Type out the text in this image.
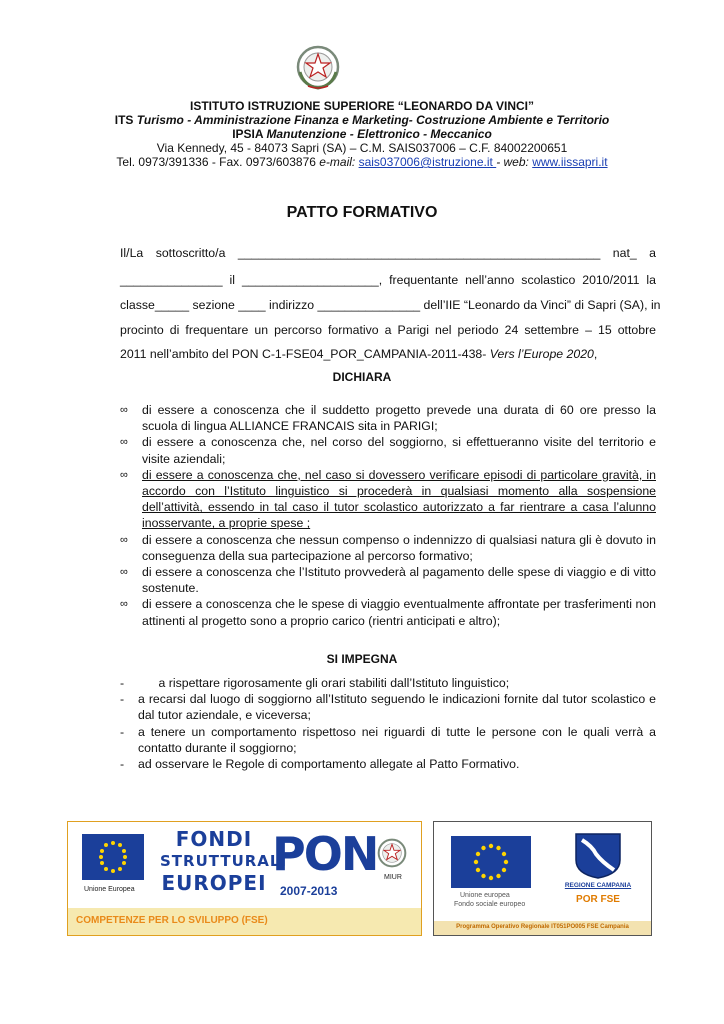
ISTITUTO ISTRUZIONE SUPERIORE “LEONARDO DA VINCI”
ITS Turismo - Amministrazione Finanza e Marketing- Costruzione Ambiente e Territorio
IPSIA Manutenzione - Elettronico - Meccanico
Via Kennedy, 45 - 84073 Sapri (SA) – C.M. SAIS037006 – C.F. 84002200651
Tel. 0973/391336 - Fax. 0973/603876 e-mail: sais037006@istruzione.it - web: www.iissapri.it
PATTO FORMATIVO
Il/La sottoscritto/a _____________________________________________________ nat_ a
_______________ il ____________________, frequentante nell’anno scolastico 2010/2011 la
classe_____ sezione ____ indirizzo _______________ dell’IIE “Leonardo da Vinci” di Sapri (SA), in
procinto di frequentare un percorso formativo a Parigi nel periodo 24 settembre – 15 ottobre
2011 nell’ambito del PON C-1-FSE04_POR_CAMPANIA-2011-438- Vers l’Europe 2020,
DICHIARA
∞ di essere a conoscenza che il suddetto progetto prevede una durata di 60 ore presso la scuola di lingua ALLIANCE FRANCAIS sita in PARIGI;
∞ di essere a conoscenza che, nel corso del soggiorno, si effettueranno visite del territorio e visite aziendali;
∞ di essere a conoscenza che, nel caso si dovessero verificare episodi di particolare gravità, in accordo con l’Istituto linguistico si procederà in qualsiasi momento alla sospensione dell’attività, essendo in tal caso il tutor scolastico autorizzato a far rientrare a casa l’alunno inosservante, a proprie spese ;
∞ di essere a conoscenza che nessun compenso o indennizzo di qualsiasi natura gli è dovuto in conseguenza della sua partecipazione al percorso formativo;
∞ di essere a conoscenza che l’Istituto provvederà al pagamento delle spese di viaggio e di vitto sostenute.
∞ di essere a conoscenza che le spese di viaggio eventualmente affrontate per trasferimenti non attinenti al progetto sono a proprio carico (rientri anticipati e altro);
SI IMPEGNA
- a rispettare rigorosamente gli orari stabiliti dall’Istituto linguistico;
- a recarsi dal luogo di soggiorno all’Istituto seguendo le indicazioni fornite dal tutor scolastico e dal tutor aziendale, e viceversa;
- a tenere un comportamento rispettoso nei riguardi di tutte le persone con le quali verrà a contatto durante il soggiorno;
- ad osservare le Regole di comportamento allegate al Patto Formativo.
Unione Europea
FONDI
STRUTTURALI
EUROPEI
PON
2007-2013
MIUR
COMPETENZE PER LO SVILUPPO (FSE)
Unione europea
Fondo sociale europeo
REGIONE CAMPANIA
POR FSE
Programma Operativo Regionale IT051PO005 FSE Campania
